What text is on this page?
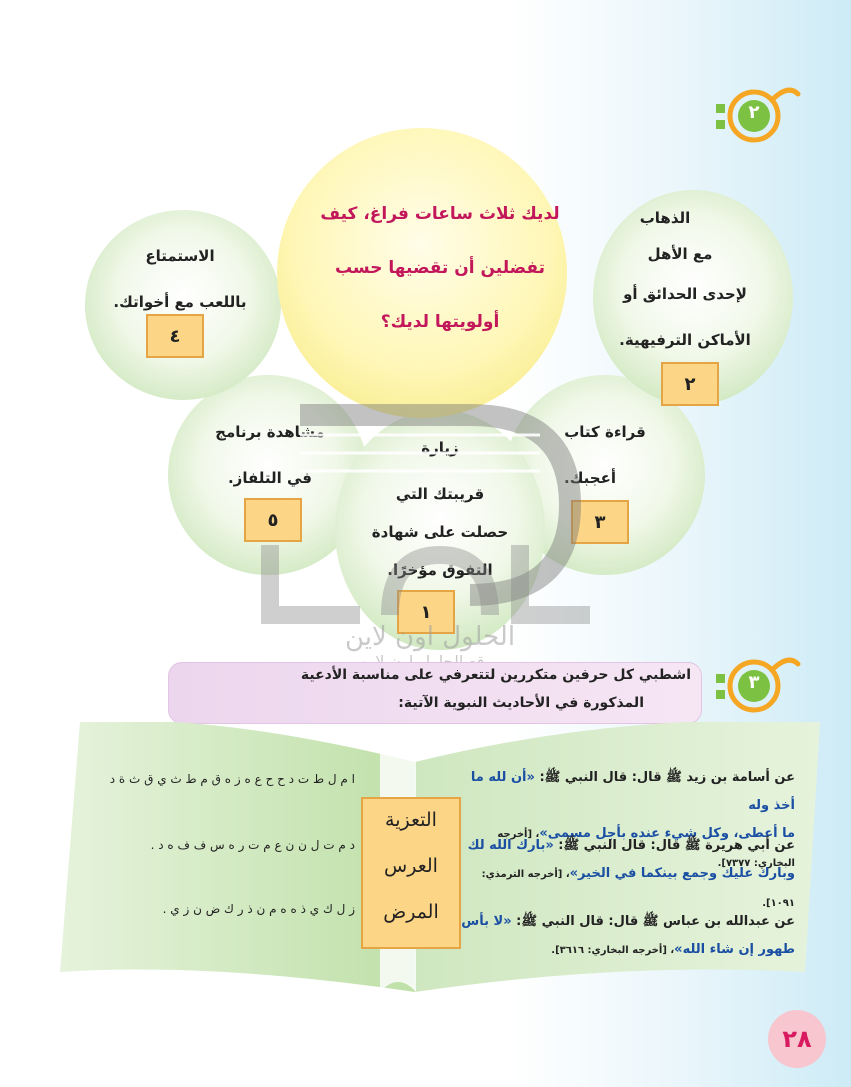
٢
لديك ثلاث ساعات فراغ، كيف
تفضلين أن تقضيها حسب
أولويتها لديك؟
الذهاب
مع الأهل
لإحدى الحدائق أو
الأماكن الترفيهية.
٢
الاستمتاع
باللعب مع أخواتك.
٤
قراءة كتاب
أعجبك.
٣
مشاهدة برنامج
في التلفاز.
٥
زيارة
قريبتك التي
حصلت على شهادة
التفوق مؤخرًا.
١
الحلول اون لاين
٣
اشطبي كل حرفين متكررين لتتعرفي على مناسبة الأدعية
المذكورة في الأحاديث النبوية الآتية:
التعزية
العرس
المرض
ا م ل ط ت د ح ح ع ه ز ه ق م ط ث ي ق ث ة د
د م ت ل ن ن ع م ت ر ه س ف ف ه د .
ز ل ك ي ذ ه ه م ن ذ ر ك ض ن ز ي .
عن أسامة بن زيد ﷺ قال: قال النبي ﷺ: «أن لله ما أخذ وله
ما أعطى، وكل شيء عنده بأجل مسمى»، [أخرجه البخاري: ٧٣٧٧].
عن أبي هريرة ﷺ قال: قال النبي ﷺ: «بارك الله لك
وبارك عليك وجمع بينكما في الخير»، [أخرجه الترمذي: ١٠٩١].
عن عبدالله بن عباس ﷺ قال: قال النبي ﷺ: «لا بأس
طهور إن شاء الله»، [أخرجه البخاري: ٣٦١٦].
٢٨
